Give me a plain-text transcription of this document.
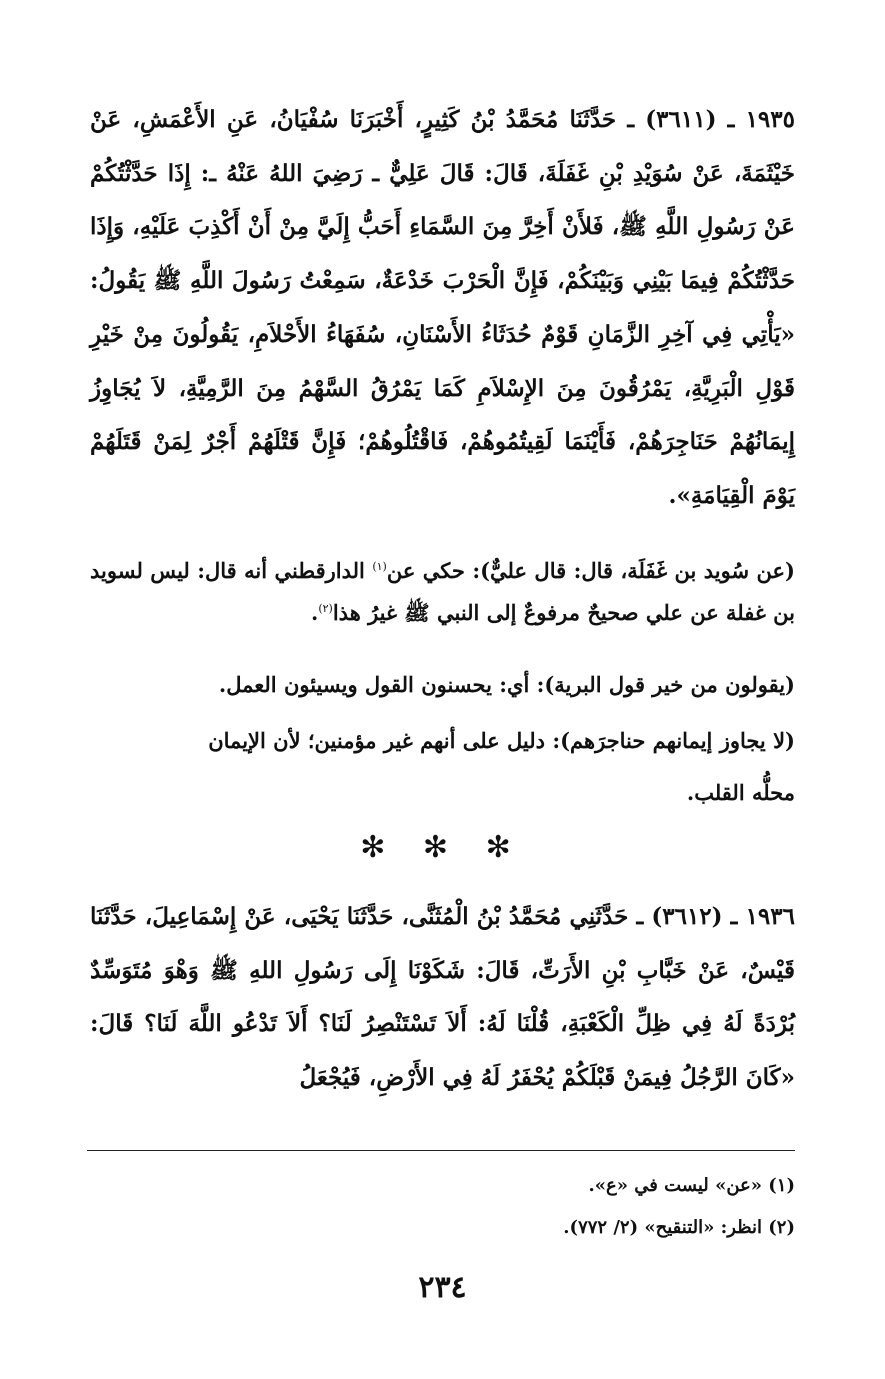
١٩٣٥ ـ (٣٦١١) ـ حَدَّثَنَا مُحَمَّدُ بْنُ كَثِيرٍ، أَخْبَرَنَا سُفْيَانُ، عَنِ الأَعْمَشِ، عَنْ خَيْثَمَةَ، عَنْ سُوَيْدِ بْنِ غَفَلَةَ، قَالَ: قَالَ عَلِيٌّ ـ رَضِيَ اللهُ عَنْهُ ـ: إِذَا حَدَّثْتُكُمْ عَنْ رَسُولِ اللَّهِ ﷺ، فَلأَنْ أَخِرَّ مِنَ السَّمَاءِ أَحَبُّ إِلَيَّ مِنْ أَنْ أَكْذِبَ عَلَيْهِ، وَإِذَا حَدَّثْتُكُمْ فِيمَا بَيْنِي وَبَيْنَكُمْ، فَإِنَّ الْحَرْبَ خَدْعَةٌ، سَمِعْتُ رَسُولَ اللَّهِ ﷺ يَقُولُ: «يَأْتِي فِي آخِرِ الزَّمَانِ قَوْمٌ حُدَثَاءُ الأَسْنَانِ، سُفَهَاءُ الأَحْلاَمِ، يَقُولُونَ مِنْ خَيْرِ قَوْلِ الْبَرِيَّةِ، يَمْرُقُونَ مِنَ الإِسْلاَمِ كَمَا يَمْرُقُ السَّهْمُ مِنَ الرَّمِيَّةِ، لاَ يُجَاوِزُ إِيمَانُهُمْ حَنَاجِرَهُمْ، فَأَيْنَمَا لَقِيتُمُوهُمْ، فَاقْتُلُوهُمْ؛ فَإِنَّ قَتْلَهُمْ أَجْرٌ لِمَنْ قَتَلَهُمْ يَوْمَ الْقِيَامَةِ».

(عن سُويد بن غَفَلَة، قال: قال عليٌّ): حكي عن$^{(١)}$ الدارقطني أنه قال: ليس لسويد بن غفلة عن علي صحيحٌ مرفوعٌ إلى النبي ﷺ غيرُ هذا$^{(٢)}$.

(يقولون من خير قول البرية): أي: يحسنون القول ويسيئون العمل.

(لا يجاوز إيمانهم حناجرَهم): دليل على أنهم غير مؤمنين؛ لأن الإيمان
محلُّه القلب.

✻ ✻ ✻

١٩٣٦ ـ (٣٦١٢) ـ حَدَّثَنِي مُحَمَّدُ بْنُ الْمُثَنَّى، حَدَّثَنَا يَحْيَى، عَنْ إِسْمَاعِيلَ، حَدَّثَنَا قَيْسٌ، عَنْ خَبَّابِ بْنِ الأَرَتِّ، قَالَ: شَكَوْنَا إِلَى رَسُولِ اللهِ ﷺ وَهْوَ مُتَوَسِّدٌ بُرْدَةً لَهُ فِي ظِلِّ الْكَعْبَةِ، قُلْنَا لَهُ: أَلاَ تَسْتَنْصِرُ لَنَا؟ أَلاَ تَدْعُو اللَّهَ لَنَا؟ قَالَ: «كَانَ الرَّجُلُ فِيمَنْ قَبْلَكُمْ يُحْفَرُ لَهُ فِي الأَرْضِ، فَيُجْعَلُ

(١) «عن» ليست في «ع».
(٢) انظر: «التنقيح» (٢/ ٧٧٢).
٢٣٤
